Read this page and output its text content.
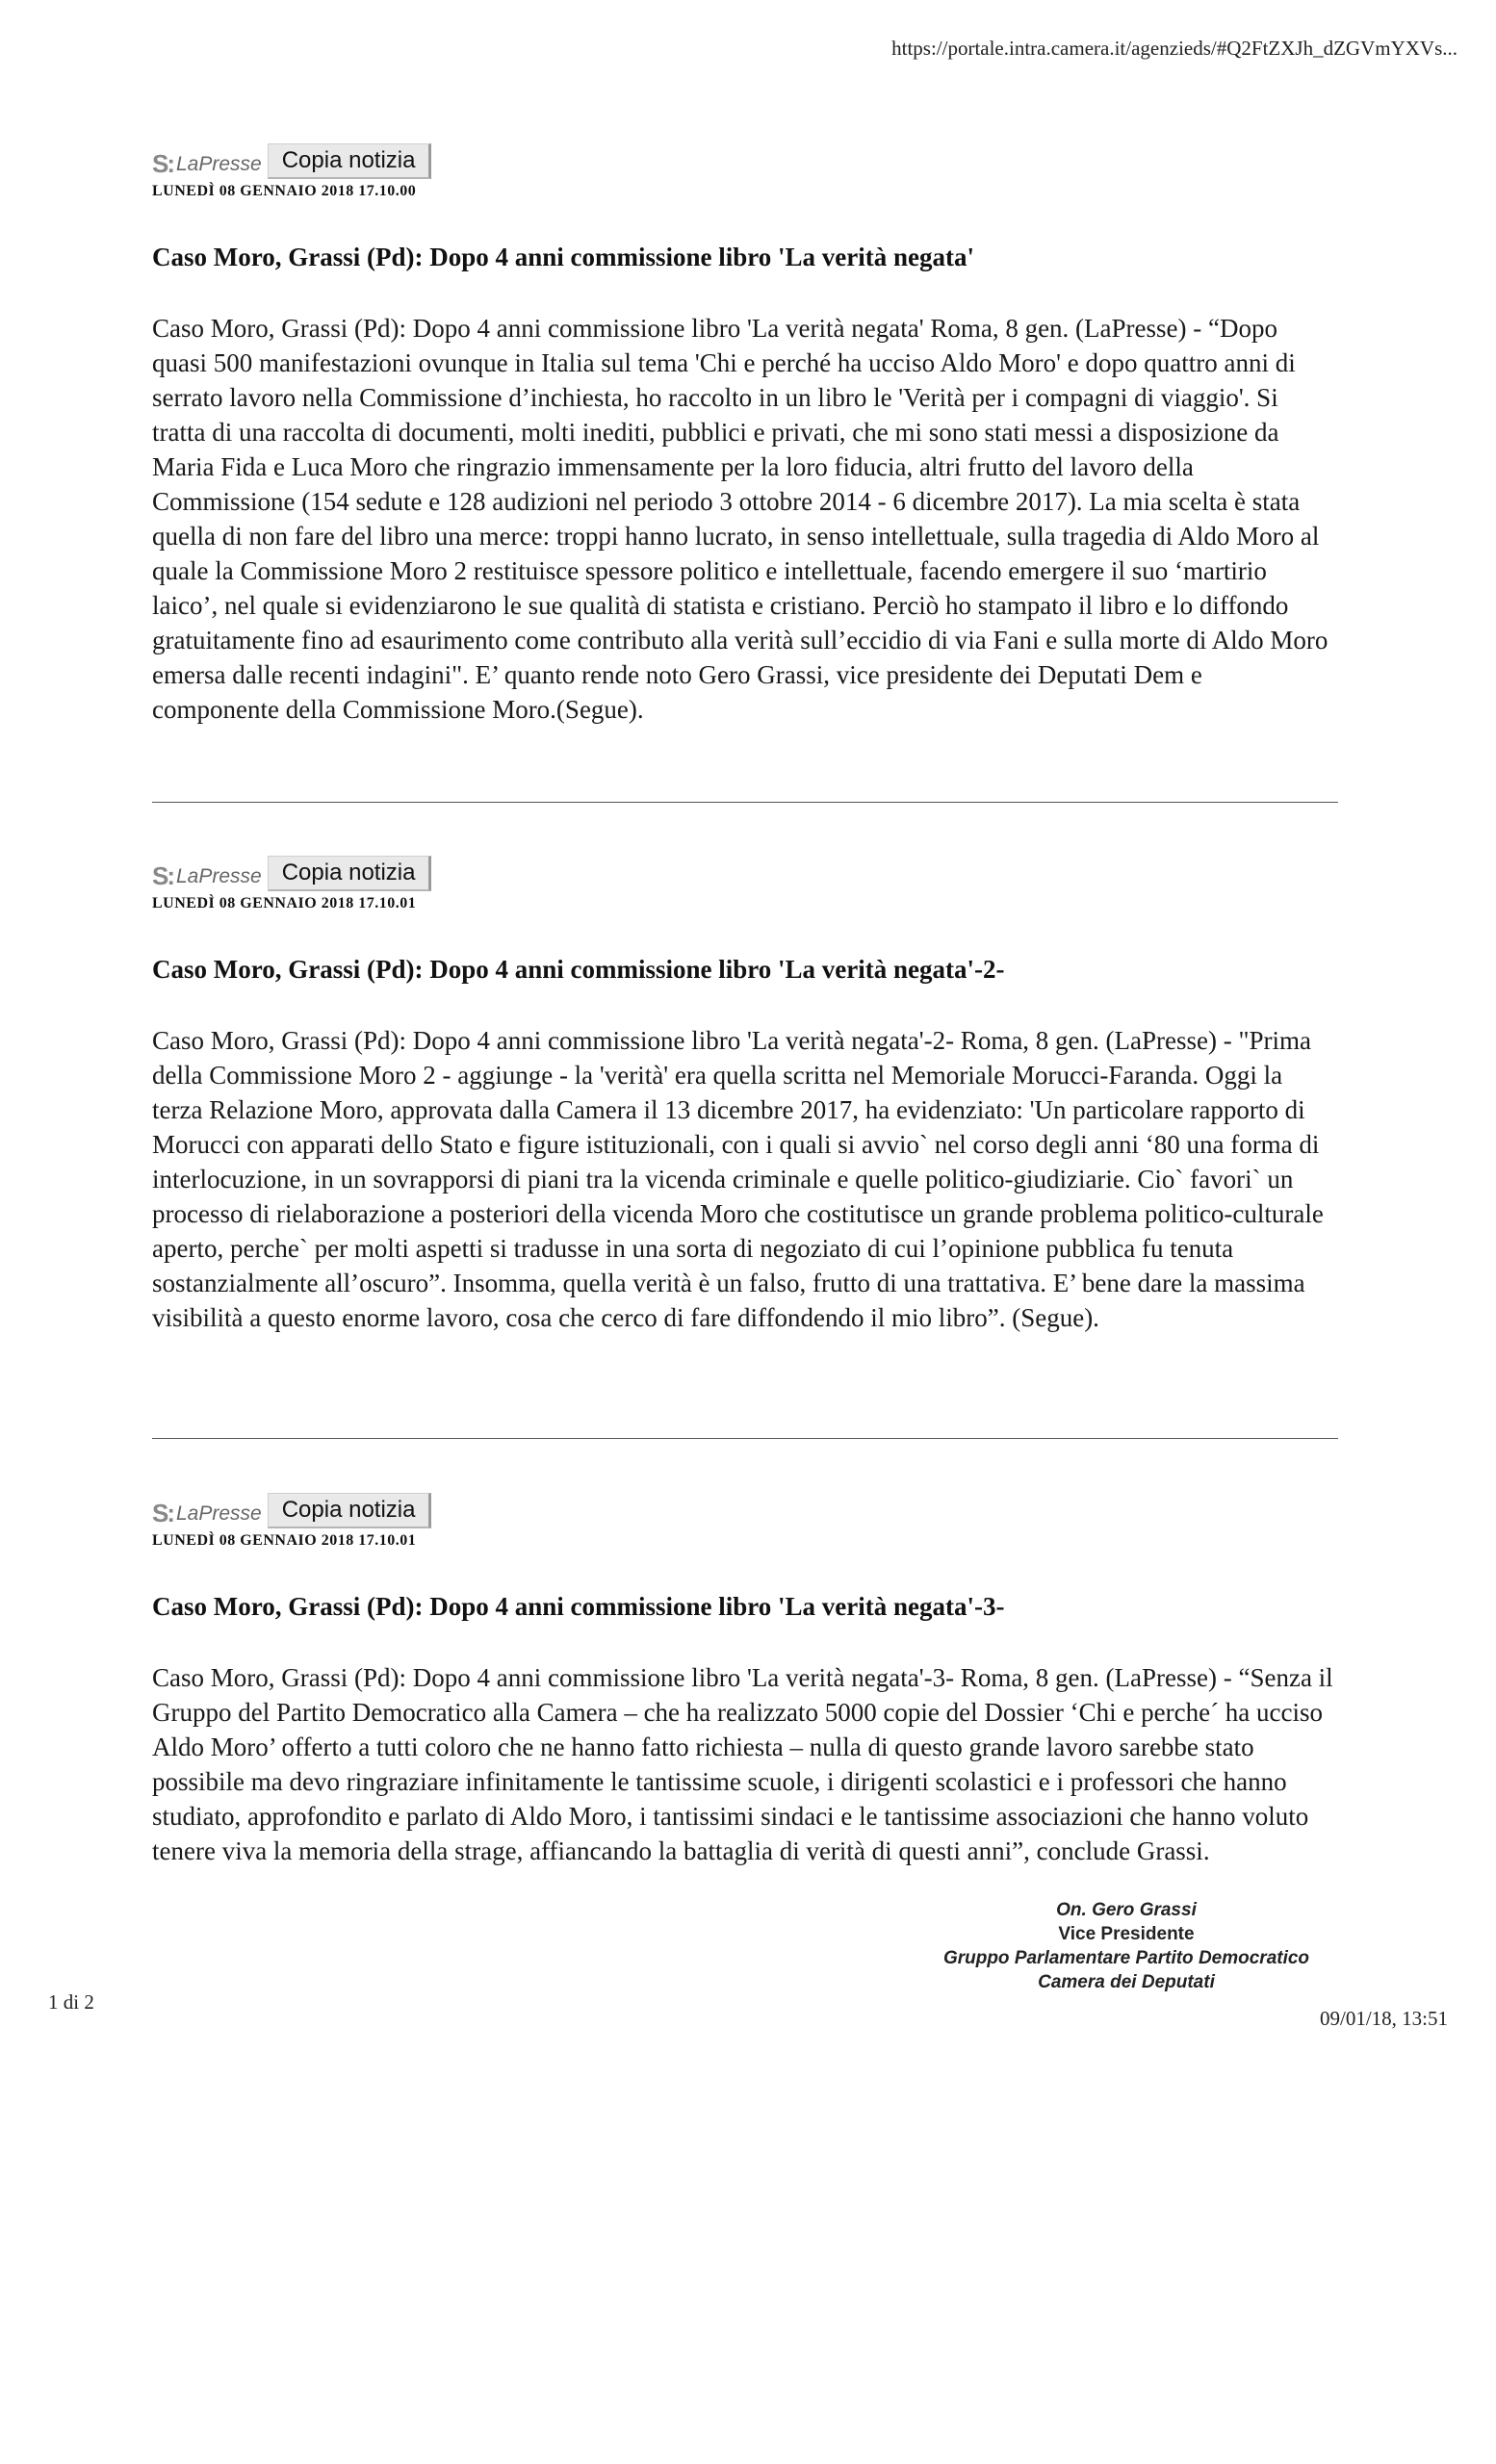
https://portale.intra.camera.it/agenzieds/#Q2FtZXJh_dZGVmYXVs...
S: LaPresse Copia notizia
LUNEDÌ 08 GENNAIO 2018 17.10.00
Caso Moro, Grassi (Pd): Dopo 4 anni commissione libro 'La verità negata'
Caso Moro, Grassi (Pd): Dopo 4 anni commissione libro 'La verità negata' Roma, 8 gen. (LaPresse) - “Dopo quasi 500 manifestazioni ovunque in Italia sul tema 'Chi e perché ha ucciso Aldo Moro' e dopo quattro anni di serrato lavoro nella Commissione d’inchiesta, ho raccolto in un libro le 'Verità per i compagni di viaggio'. Si tratta di una raccolta di documenti, molti inediti, pubblici e privati, che mi sono stati messi a disposizione da Maria Fida e Luca Moro che ringrazio immensamente per la loro fiducia, altri frutto del lavoro della Commissione (154 sedute e 128 audizioni nel periodo 3 ottobre 2014 - 6 dicembre 2017). La mia scelta è stata quella di non fare del libro una merce: troppi hanno lucrato, in senso intellettuale, sulla tragedia di Aldo Moro al quale la Commissione Moro 2 restituisce spessore politico e intellettuale, facendo emergere il suo ‘martirio laico’, nel quale si evidenziarono le sue qualità di statista e cristiano. Perciò ho stampato il libro e lo diffondo gratuitamente fino ad esaurimento come contributo alla verità sull’eccidio di via Fani e sulla morte di Aldo Moro emersa dalle recenti indagini". E’ quanto rende noto Gero Grassi, vice presidente dei Deputati Dem e componente della Commissione Moro.(Segue).
S: LaPresse Copia notizia
LUNEDÌ 08 GENNAIO 2018 17.10.01
Caso Moro, Grassi (Pd): Dopo 4 anni commissione libro 'La verità negata'-2-
Caso Moro, Grassi (Pd): Dopo 4 anni commissione libro 'La verità negata'-2- Roma, 8 gen. (LaPresse) - "Prima della Commissione Moro 2 - aggiunge - la 'verità' era quella scritta nel Memoriale Morucci-Faranda. Oggi la terza Relazione Moro, approvata dalla Camera il 13 dicembre 2017, ha evidenziato: 'Un particolare rapporto di Morucci con apparati dello Stato e figure istituzionali, con i quali si avvio` nel corso degli anni ‘80 una forma di interlocuzione, in un sovrapporsi di piani tra la vicenda criminale e quelle politico-giudiziarie. Cio` favori` un processo di rielaborazione a posteriori della vicenda Moro che costitutisce un grande problema politico-culturale aperto, perche` per molti aspetti si tradusse in una sorta di negoziato di cui l’opinione pubblica fu tenuta sostanzialmente all’oscuro”. Insomma, quella verità è un falso, frutto di una trattativa. E’ bene dare la massima visibilità a questo enorme lavoro, cosa che cerco di fare diffondendo il mio libro”. (Segue).
S: LaPresse Copia notizia
LUNEDÌ 08 GENNAIO 2018 17.10.01
Caso Moro, Grassi (Pd): Dopo 4 anni commissione libro 'La verità negata'-3-
Caso Moro, Grassi (Pd): Dopo 4 anni commissione libro 'La verità negata'-3- Roma, 8 gen. (LaPresse) - “Senza il Gruppo del Partito Democratico alla Camera – che ha realizzato 5000 copie del Dossier ‘Chi e perche´ ha ucciso Aldo Moro’ offerto a tutti coloro che ne hanno fatto richiesta – nulla di questo grande lavoro sarebbe stato possibile ma devo ringraziare infinitamente le tantissime scuole, i dirigenti scolastici e i professori che hanno studiato, approfondito e parlato di Aldo Moro, i tantissimi sindaci e le tantissime associazioni che hanno voluto tenere viva la memoria della strage, affiancando la battaglia di verità di questi anni”, conclude Grassi.
On. Gero Grassi
Vice Presidente
Gruppo Parlamentare Partito Democratico
Camera dei Deputati
1 di 2
09/01/18, 13:51
